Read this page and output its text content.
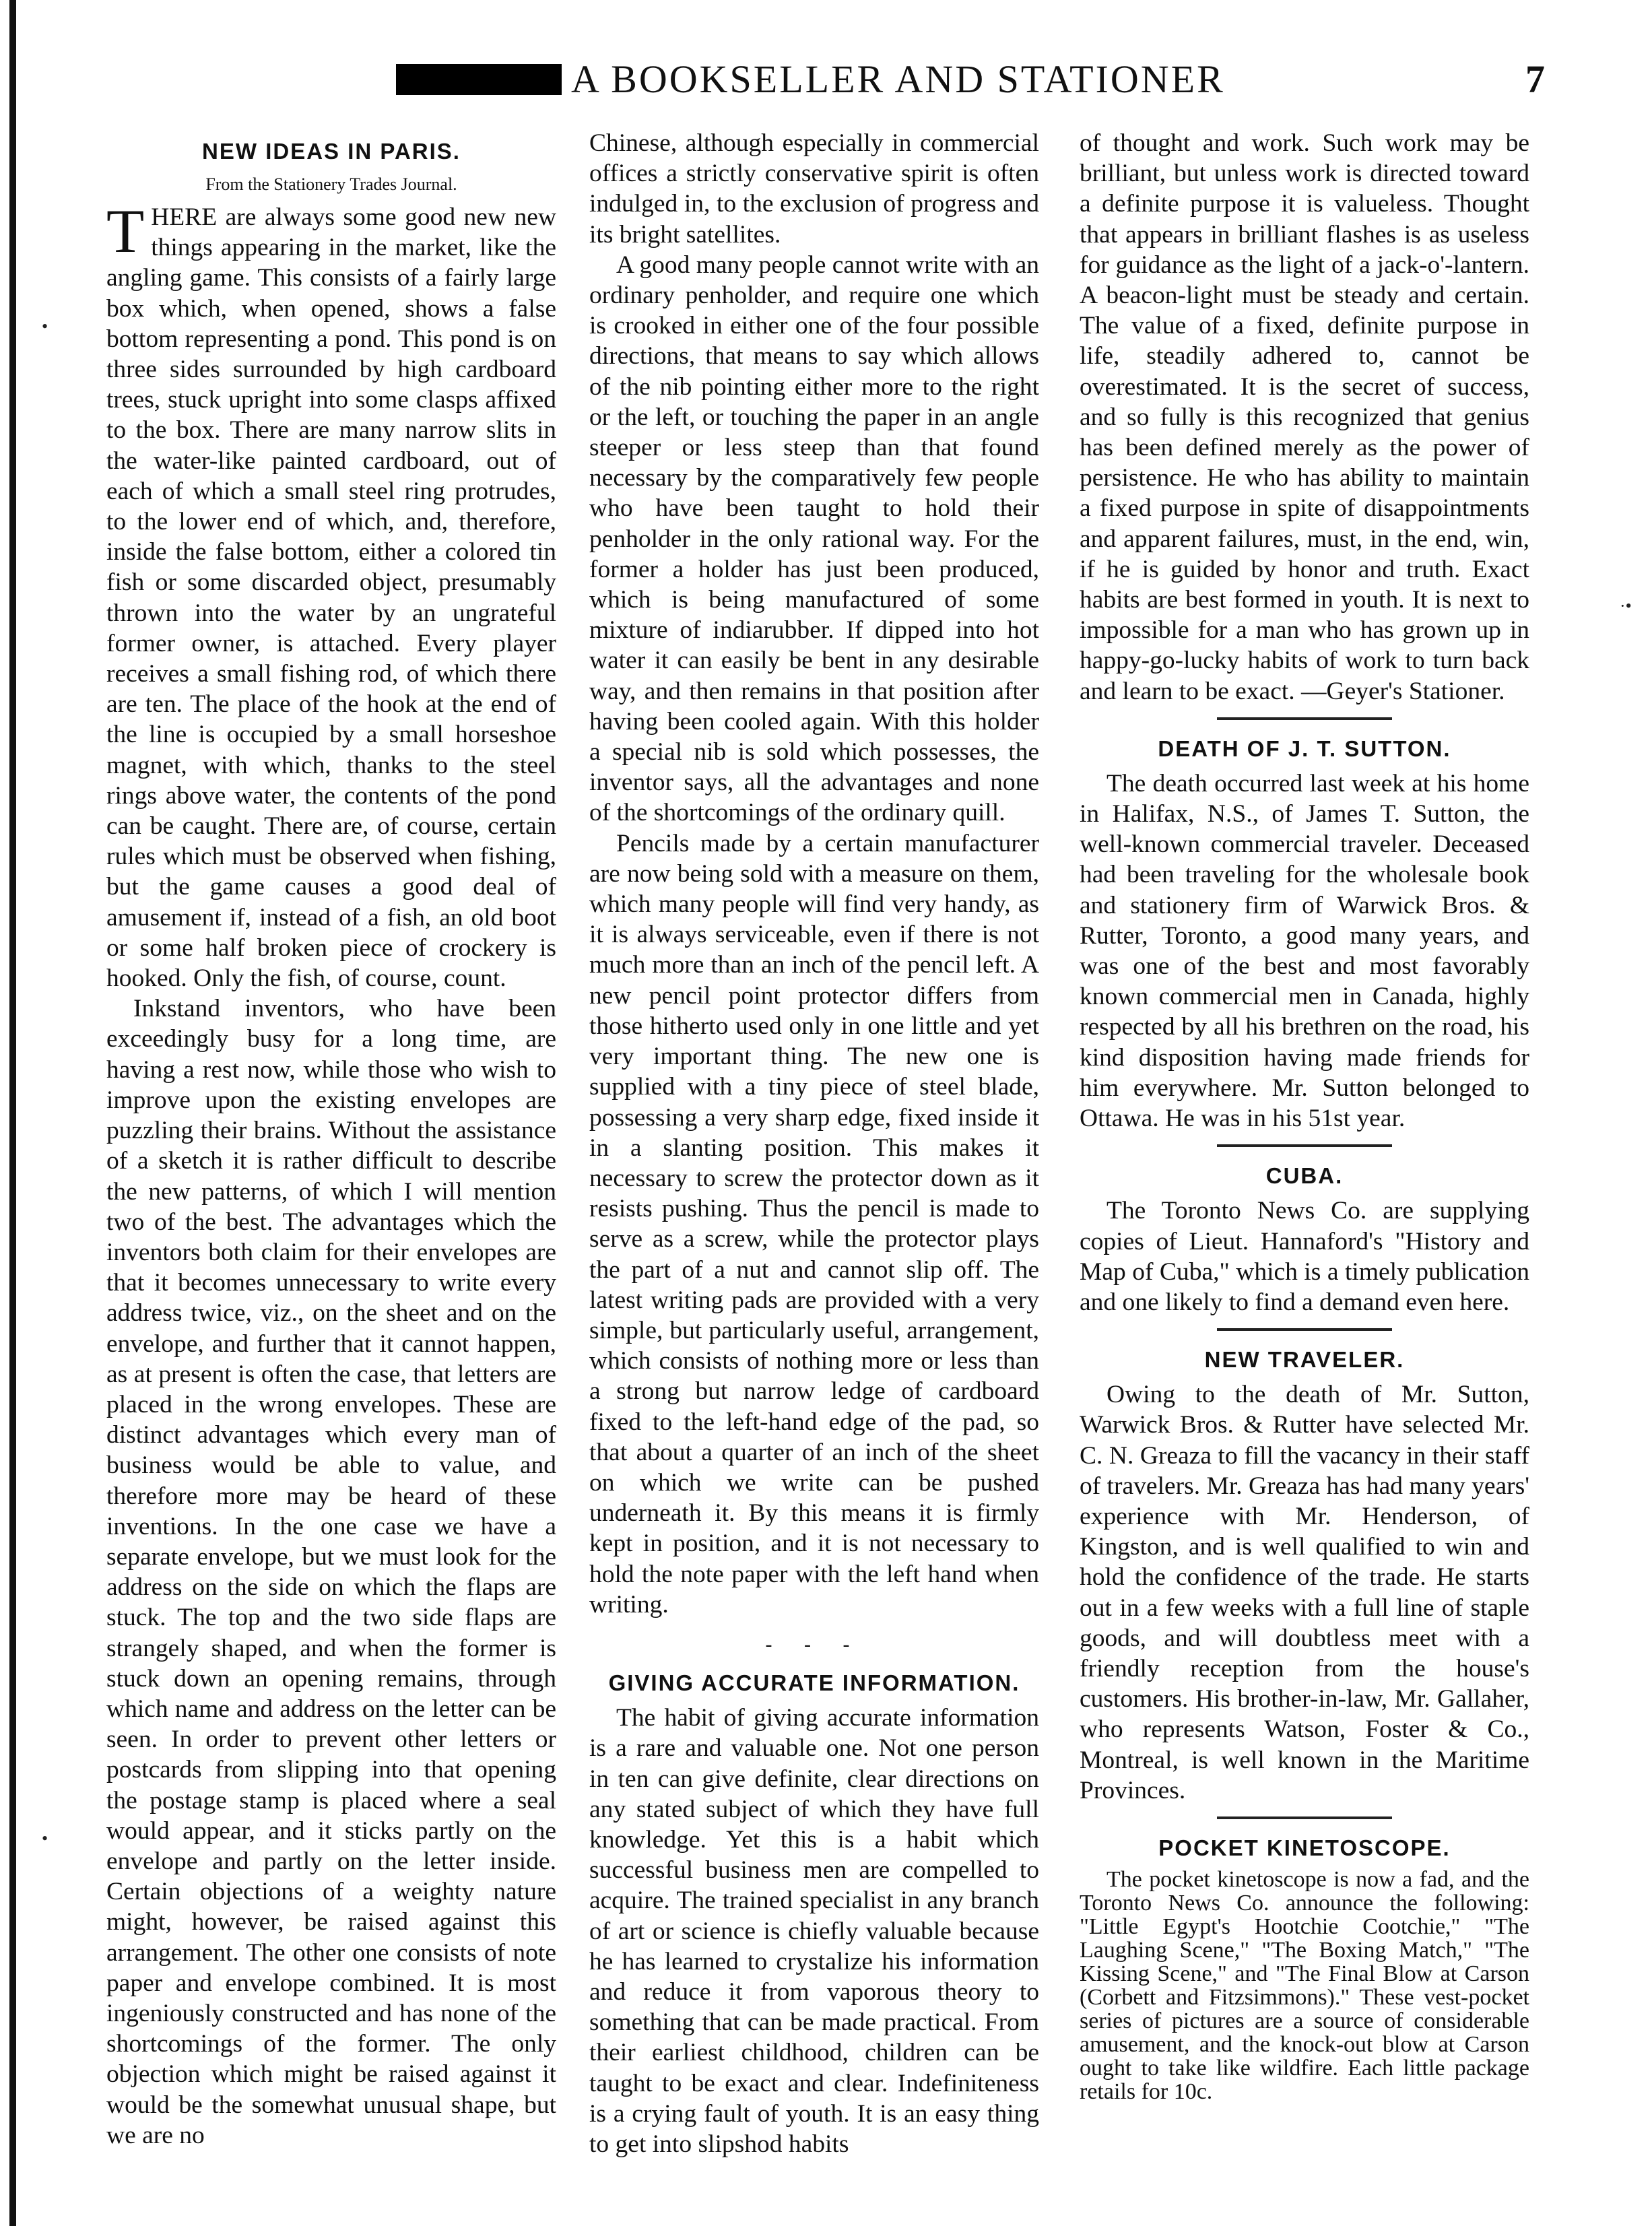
A BOOKSELLER AND STATIONER	7
NEW IDEAS IN PARIS.
From the Stationery Trades Journal.

THERE are always some good new new things appearing in the market, like the angling game. This consists of a fairly large box which, when opened, shows a false bottom representing a pond. This pond is on three sides surrounded by high cardboard trees, stuck upright into some clasps affixed to the box. There are many narrow slits in the water-like painted cardboard, out of each of which a small steel ring protrudes, to the lower end of which, and, therefore, inside the false bottom, either a colored tin fish or some discarded object, presumably thrown into the water by an ungrateful former owner, is attached. Every player receives a small fishing rod, of which there are ten. The place of the hook at the end of the line is occupied by a small horseshoe magnet, with which, thanks to the steel rings above water, the contents of the pond can be caught. There are, of course, certain rules which must be observed when fishing, but the game causes a good deal of amusement if, instead of a fish, an old boot or some half broken piece of crockery is hooked. Only the fish, of course, count.

Inkstand inventors, who have been exceedingly busy for a long time, are having a rest now, while those who wish to improve upon the existing envelopes are puzzling their brains. Without the assistance of a sketch it is rather difficult to describe the new patterns, of which I will mention two of the best. The advantages which the inventors both claim for their envelopes are that it becomes unnecessary to write every address twice, viz., on the sheet and on the envelope, and further that it cannot happen, as at present is often the case, that letters are placed in the wrong envelopes. These are distinct advantages which every man of business would be able to value, and therefore more may be heard of these inventions. In the one case we have a separate envelope, but we must look for the address on the side on which the flaps are stuck. The top and the two side flaps are strangely shaped, and when the former is stuck down an opening remains, through which name and address on the letter can be seen. In order to prevent other letters or postcards from slipping into that opening the postage stamp is placed where a seal would appear, and it sticks partly on the envelope and partly on the letter inside. Certain objections of a weighty nature might, however, be raised against this arrangement. The other one consists of note paper and envelope combined. It is most ingeniously constructed and has none of the shortcomings of the former. The only objection which might be raised against it would be the somewhat unusual shape, but we are no

Chinese, although especially in commercial offices a strictly conservative spirit is often indulged in, to the exclusion of progress and its bright satellites.

A good many people cannot write with an ordinary penholder, and require one which is crooked in either one of the four possible directions, that means to say which allows of the nib pointing either more to the right or the left, or touching the paper in an angle steeper or less steep than that found necessary by the comparatively few people who have been taught to hold their penholder in the only rational way. For the former a holder has just been produced, which is being manufactured of some mixture of indiarubber. If dipped into hot water it can easily be bent in any desirable way, and then remains in that position after having been cooled again. With this holder a special nib is sold which possesses, the inventor says, all the advantages and none of the shortcomings of the ordinary quill.

Pencils made by a certain manufacturer are now being sold with a measure on them, which many people will find very handy, as it is always serviceable, even if there is not much more than an inch of the pencil left. A new pencil point protector differs from those hitherto used only in one little and yet very important thing. The new one is supplied with a tiny piece of steel blade, possessing a very sharp edge, fixed inside it in a slanting position. This makes it necessary to screw the protector down as it resists pushing. Thus the pencil is made to serve as a screw, while the protector plays the part of a nut and cannot slip off. The latest writing pads are provided with a very simple, but particularly useful, arrangement, which consists of nothing more or less than a strong but narrow ledge of cardboard fixed to the left-hand edge of the pad, so that about a quarter of an inch of the sheet on which we write can be pushed underneath it. By this means it is firmly kept in position, and it is not necessary to hold the note paper with the left hand when writing.

- - -
GIVING ACCURATE INFORMATION.

The habit of giving accurate information is a rare and valuable one. Not one person in ten can give definite, clear directions on any stated subject of which they have full knowledge. Yet this is a habit which successful business men are compelled to acquire. The trained specialist in any branch of art or science is chiefly valuable because he has learned to crystalize his information and reduce it from vaporous theory to something that can be made practical. From their earliest childhood, children can be taught to be exact and clear. Indefiniteness is a crying fault of youth. It is an easy thing to get into slipshod habits

of thought and work. Such work may be brilliant, but unless work is directed toward a definite purpose it is valueless. Thought that appears in brilliant flashes is as useless for guidance as the light of a jack-o'-lantern. A beacon-light must be steady and certain. The value of a fixed, definite purpose in life, steadily adhered to, cannot be overestimated. It is the secret of success, and so fully is this recognized that genius has been defined merely as the power of persistence. He who has ability to maintain a fixed purpose in spite of disappointments and apparent failures, must, in the end, win, if he is guided by honor and truth. Exact habits are best formed in youth. It is next to impossible for a man who has grown up in happy-go-lucky habits of work to turn back and learn to be exact. —Geyer's Stationer.

DEATH OF J. T. SUTTON.

The death occurred last week at his home in Halifax, N.S., of James T. Sutton, the well-known commercial traveler. Deceased had been traveling for the wholesale book and stationery firm of Warwick Bros. & Rutter, Toronto, a good many years, and was one of the best and most favorably known commercial men in Canada, highly respected by all his brethren on the road, his kind disposition having made friends for him everywhere. Mr. Sutton belonged to Ottawa. He was in his 51st year.

CUBA.

The Toronto News Co. are supplying copies of Lieut. Hannaford's "History and Map of Cuba," which is a timely publication and one likely to find a demand even here.

NEW TRAVELER.

Owing to the death of Mr. Sutton, Warwick Bros. & Rutter have selected Mr. C. N. Greaza to fill the vacancy in their staff of travelers. Mr. Greaza has had many years' experience with Mr. Henderson, of Kingston, and is well qualified to win and hold the confidence of the trade. He starts out in a few weeks with a full line of staple goods, and will doubtless meet with a friendly reception from the house's customers. His brother-in-law, Mr. Gallaher, who represents Watson, Foster & Co., Montreal, is well known in the Maritime Provinces.

POCKET KINETOSCOPE.

The pocket kinetoscope is now a fad, and the Toronto News Co. announce the following: "Little Egypt's Hootchie Cootchie," "The Laughing Scene," "The Boxing Match," "The Kissing Scene," and "The Final Blow at Carson (Corbett and Fitzsimmons)." These vest-pocket series of pictures are a source of considerable amusement, and the knock-out blow at Carson ought to take like wildfire. Each little package retails for 10c.

•
•
·•
